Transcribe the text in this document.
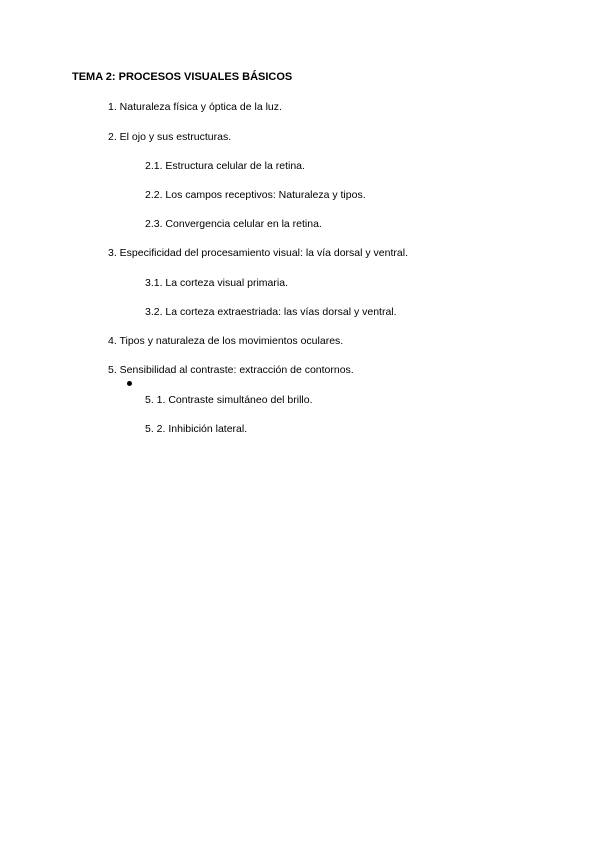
TEMA 2: PROCESOS VISUALES BÁSICOS
1. Naturaleza física y óptica de la luz.
2. El ojo y sus estructuras.
2.1. Estructura celular de la retina.
2.2. Los campos receptivos: Naturaleza y tipos.
2.3. Convergencia celular en la retina.
3. Especificidad del procesamiento visual: la vía dorsal y ventral.
3.1. La corteza visual primaria.
3.2. La corteza extraestriada: las vías dorsal y ventral.
4. Tipos y naturaleza de los movimientos oculares.
5. Sensibilidad al contraste: extracción de contornos.
5. 1. Contraste simultáneo del brillo.
5. 2. Inhibición lateral.
